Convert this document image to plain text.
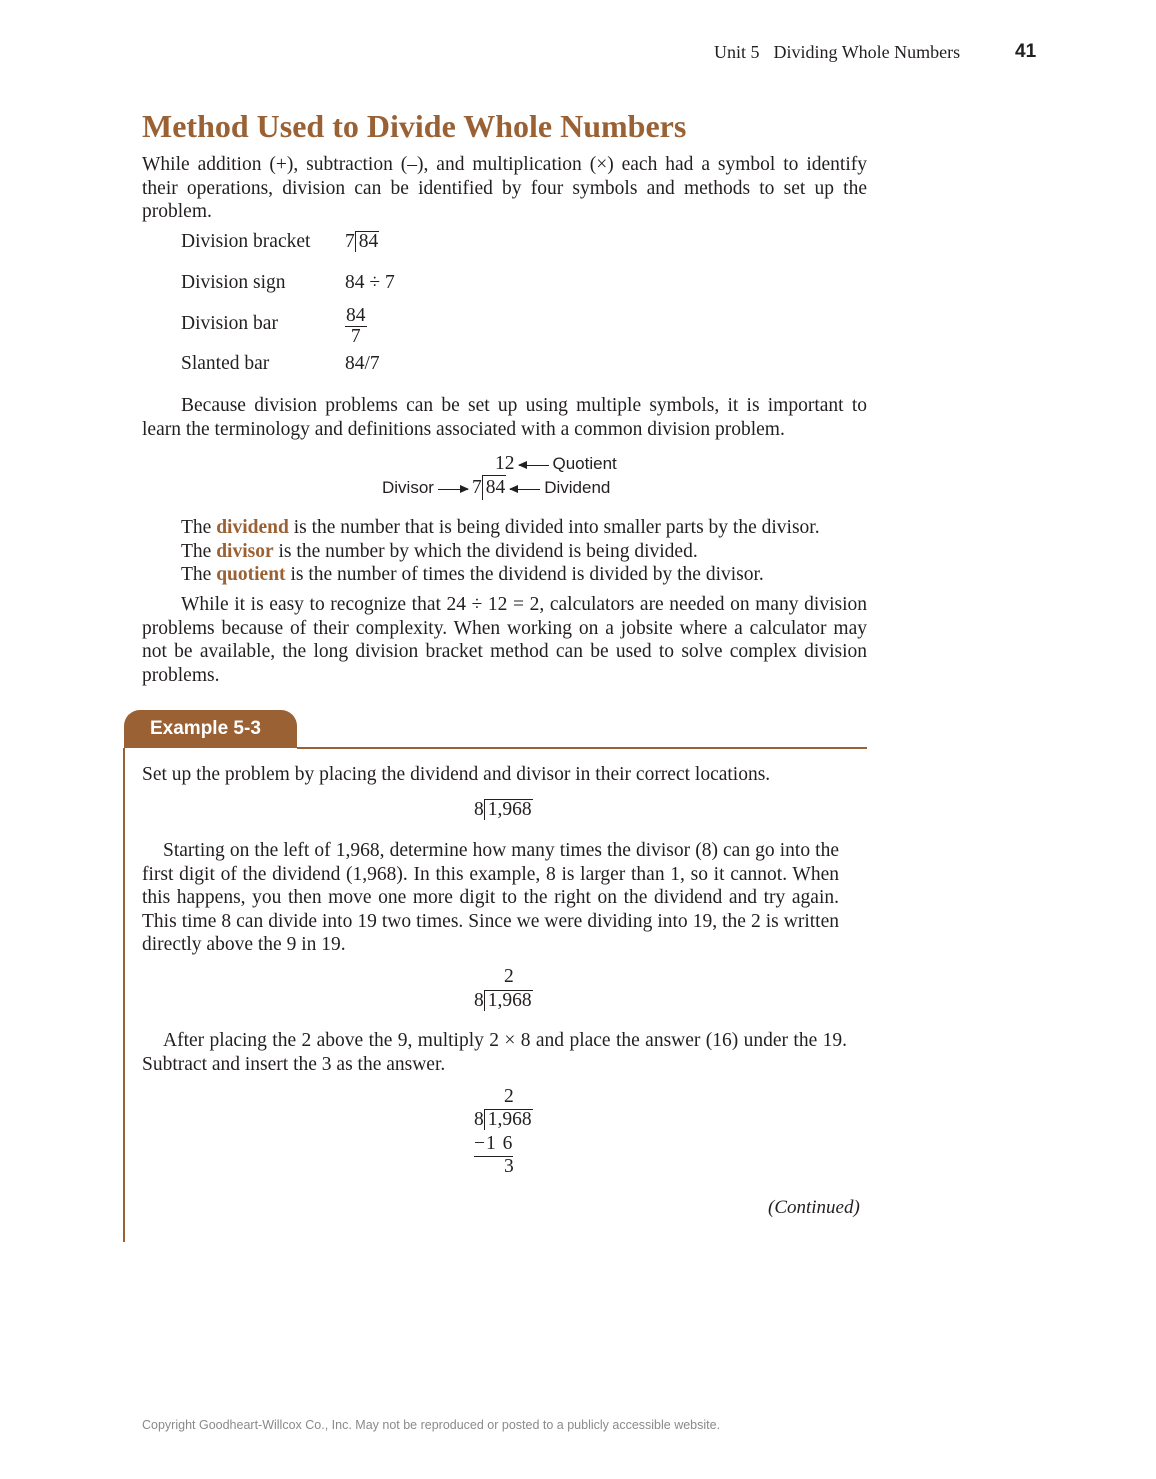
Unit 5 Dividing Whole Numbers	41
Method Used to Divide Whole Numbers
While addition (+), subtraction (–), and multiplication (×) each had a symbol to identify their operations, division can be identified by four symbols and methods to set up the problem.
Division bracket 7 84
Division sign	84 ÷ 7
Division bar	$\frac{84}{7}$
Slanted bar	84/7
Because division problems can be set up using multiple symbols, it is important to learn the terminology and definitions associated with a common division problem.
12 Quotient
Divisor 7 84 Dividend
The dividend is the number that is being divided into smaller parts by the divisor.
The divisor is the number by which the dividend is being divided.
The quotient is the number of times the dividend is divided by the divisor.
While it is easy to recognize that 24 ÷ 12 = 2, calculators are needed on many division problems because of their complexity. When working on a jobsite where a calculator may not be available, the long division bracket method can be used to solve complex division problems.
Example 5-3
Set up the problem by placing the dividend and divisor in their correct locations.
8 1,968
Starting on the left of 1,968, determine how many times the divisor (8) can go into the first digit of the dividend (1,968). In this example, 8 is larger than 1, so it cannot. When this happens, you then move one more digit to the right on the dividend and try again. This time 8 can divide into 19 two times. Since we were dividing into 19, the 2 is written directly above the 9 in 19.
2
8 1,968
After placing the 2 above the 9, multiply 2 × 8 and place the answer (16) under the 19. Subtract and insert the 3 as the answer.
2
8 1,968
−1 6
3
(Continued)
Copyright Goodheart-Willcox Co., Inc. May not be reproduced or posted to a publicly accessible website.
